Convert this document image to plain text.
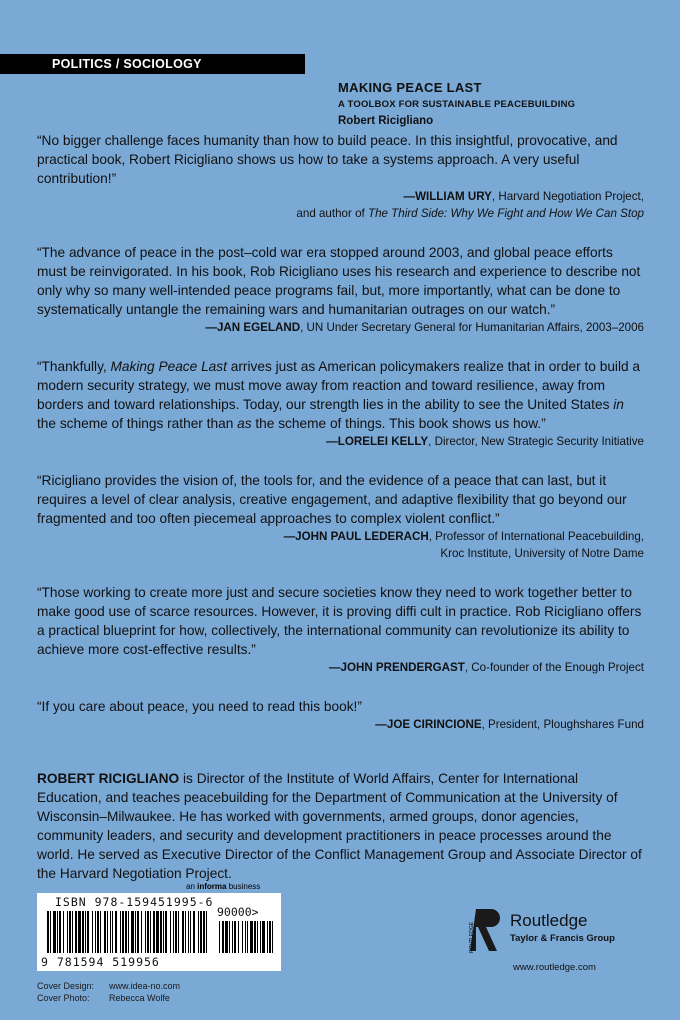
POLITICS / SOCIOLOGY
MAKING PEACE LAST
A TOOLBOX FOR SUSTAINABLE PEACEBUILDING
Robert Ricigliano

“No bigger challenge faces humanity than how to build peace. In this insightful, provocative, and practical book, Robert Ricigliano shows us how to take a systems approach. A very useful contribution!”

—WILLIAM URY, Harvard Negotiation Project,
and author of The Third Side: Why We Fight and How We Can Stop

“The advance of peace in the post–cold war era stopped around 2003, and global peace efforts must be reinvigorated. In his book, Rob Ricigliano uses his research and experience to describe not only why so many well-intended peace programs fail, but, more importantly, what can be done to systematically untangle the remaining wars and humanitarian outrages on our watch.”

—JAN EGELAND, UN Under Secretary General for Humanitarian Affairs, 2003–2006

“Thankfully, Making Peace Last arrives just as American policymakers realize that in order to build a modern security strategy, we must move away from reaction and toward resilience, away from borders and toward relationships. Today, our strength lies in the ability to see the United States in the scheme of things rather than as the scheme of things. This book shows us how.”

—LORELEI KELLY, Director, New Strategic Security Initiative

“Ricigliano provides the vision of, the tools for, and the evidence of a peace that can last, but it requires a level of clear analysis, creative engagement, and adaptive flexibility that go beyond our fragmented and too often piecemeal approaches to complex violent conflict.”

—JOHN PAUL LEDERACH, Professor of International Peacebuilding,
Kroc Institute, University of Notre Dame

“Those working to create more just and secure societies know they need to work together better to make good use of scarce resources. However, it is proving diffi cult in practice. Rob Ricigliano offers a practical blueprint for how, collectively, the international community can revolutionize its ability to achieve more cost-effective results.”

—JOHN PRENDERGAST, Co-founder of the Enough Project

“If you care about peace, you need to read this book!”

—JOE CIRINCIONE, President, Ploughshares Fund

ROBERT RICIGLIANO is Director of the Institute of World Affairs, Center for International Education, and teaches peacebuilding for the Department of Communication at the University of Wisconsin–Milwaukee. He has worked with governments, armed groups, donor agencies, community leaders, and security and development practitioners in peace processes around the world. He served as Executive Director of the Conflict Management Group and Associate Director of the Harvard Negotiation Project.

an informa business
ISBN 978-159451995-6
90000>
9 781594 519956
Cover Design:	www.idea-no.com
Cover Photo:	Rebecca Wolfe
ROUTLEDGE
Routledge
Taylor & Francis Group
www.routledge.com
